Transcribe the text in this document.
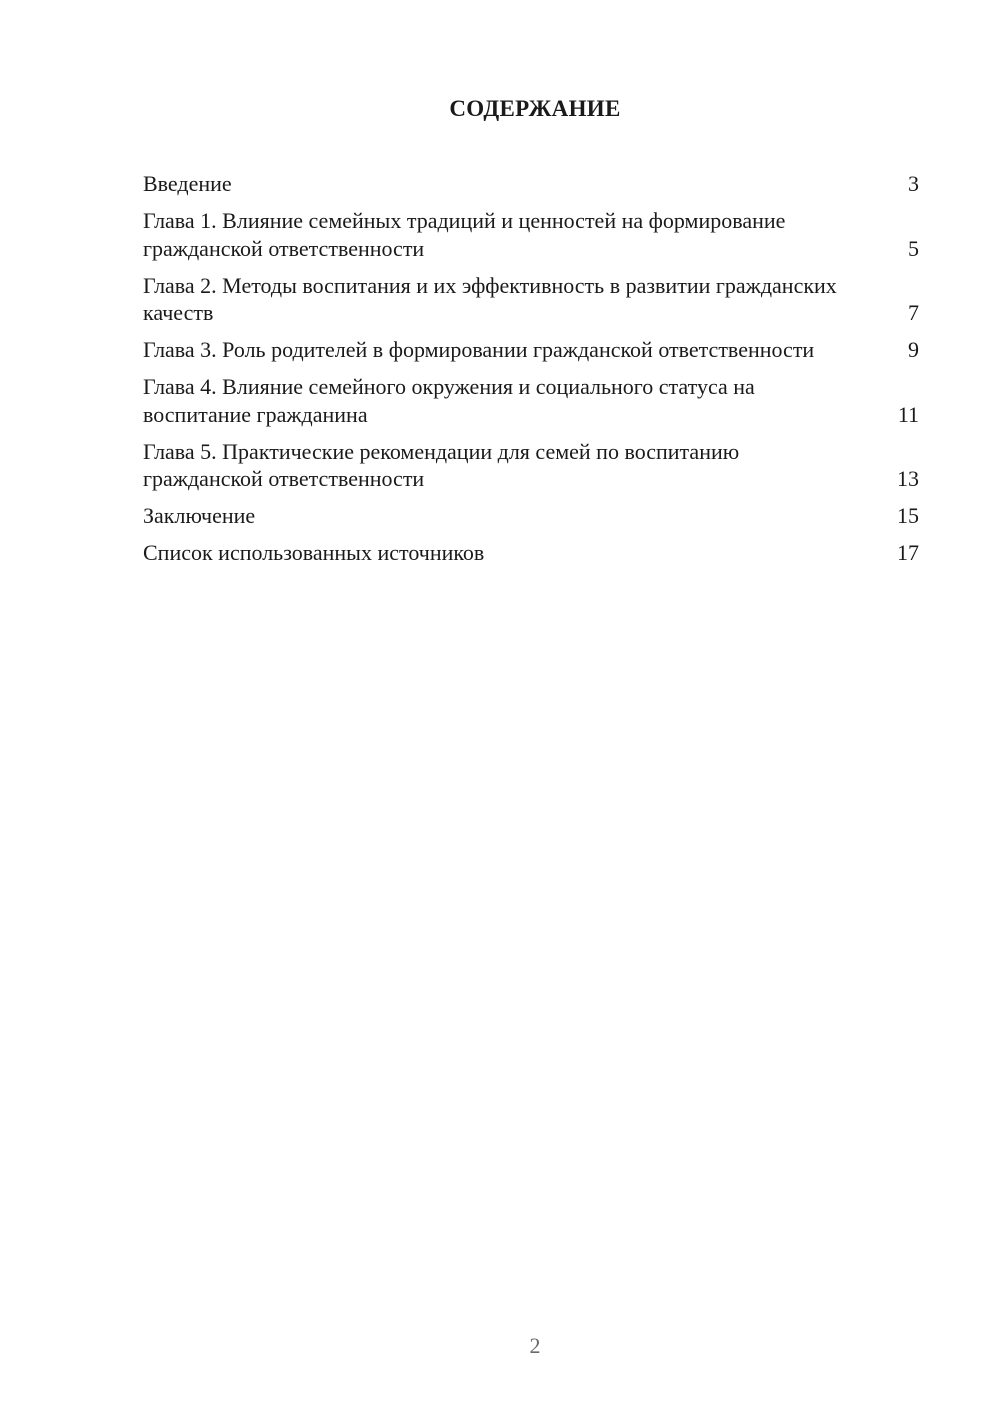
СОДЕРЖАНИЕ
Введение	3
Глава 1. Влияние семейных традиций и ценностей на формирование гражданской ответственности	5
Глава 2. Методы воспитания и их эффективность в развитии гражданских качеств	7
Глава 3. Роль родителей в формировании гражданской ответственности	9
Глава 4. Влияние семейного окружения и социального статуса на воспитание гражданина	11
Глава 5. Практические рекомендации для семей по воспитанию гражданской ответственности	13
Заключение	15
Список использованных источников	17
2
